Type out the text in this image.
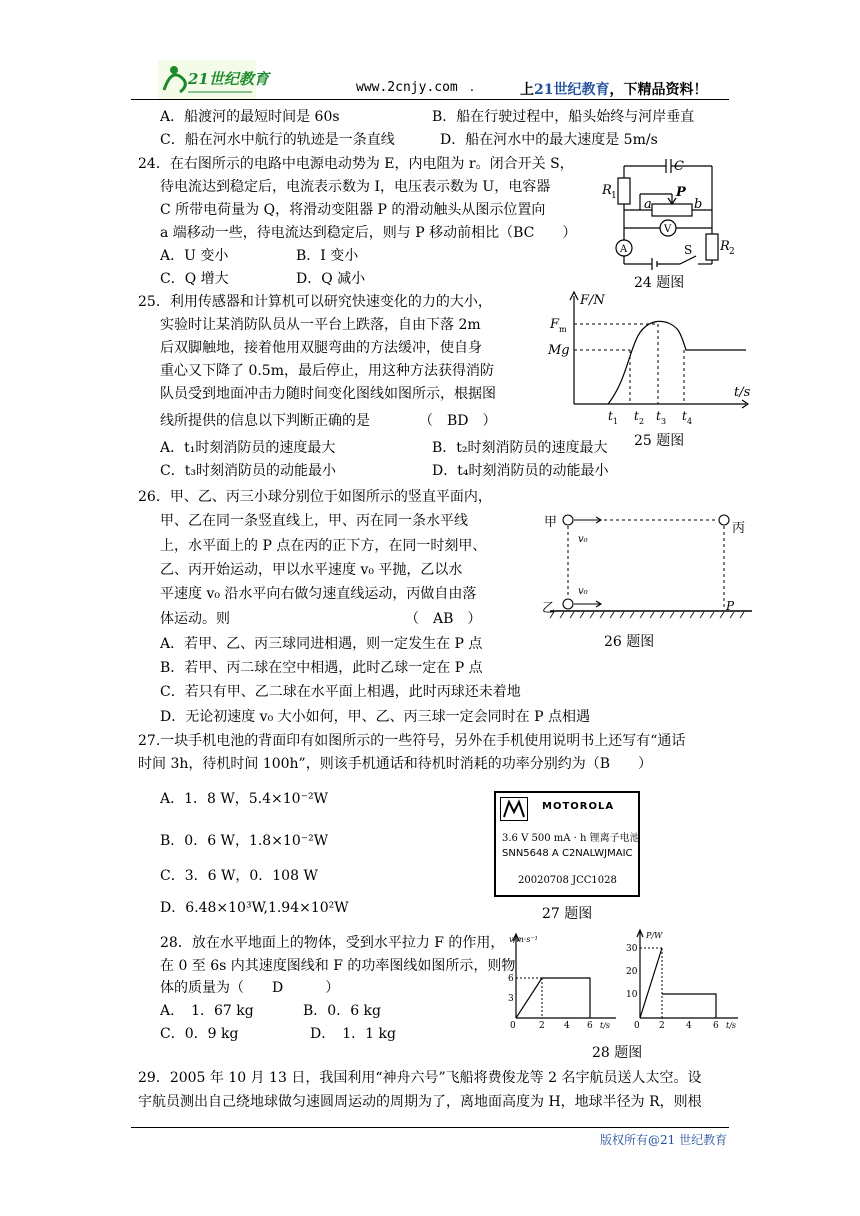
21世纪教育	www.2cnjy.com .	上21世纪教育，下精品资料！
A．船渡河的最短时间是 60s	B．船在行驶过程中，船头始终与河岸垂直
C．船在河水中航行的轨迹是一条直线	D．船在河水中的最大速度是 5m/s
24．在右图所示的电路中电源电动势为 E，内电阻为 r。闭合开关 S，
待电流达到稳定后，电流表示数为 I，电压表示数为 U，电容器
C 所带电荷量为 Q，将滑动变阻器 P 的滑动触头从图示位置向
a 端移动一些，待电流达到稳定后，则与 P 移动前相比（BC　　）
A．U 变小	B．I 变小
C．Q 增大	D．Q 减小
C
R 1	P
a	b
V
A	S R 2
24 题图
25．利用传感器和计算机可以研究快速变化的力的大小，
实验时让某消防队员从一平台上跌落，自由下落 2m
后双脚触地，接着他用双腿弯曲的方法缓冲，使自身
重心又下降了 0.5m，最后停止，用这种方法获得消防
队员受到地面冲击力随时间变化图线如图所示，根据图
线所提供的信息以下判断正确的是　　　　（　BD　）
A．t₁时刻消防员的速度最大	B．t₂时刻消防员的速度最大
C．t₃时刻消防员的动能最小	D．t₄时刻消防员的动能最小
F/N
t/s
F m
Mg
t 1 t 2 t 3 t 4
25 题图
26．甲、乙、丙三小球分别位于如图所示的竖直平面内，
甲、乙在同一条竖直线上，甲、丙在同一条水平线
上，水平面上的 P 点在丙的正下方，在同一时刻甲、
乙、丙开始运动，甲以水平速度 v₀ 平抛，乙以水
平速度 v₀ 沿水平向右做匀速直线运动，丙做自由落
体运动。则　　　　　　　　　　　　　（　AB　）
A．若甲、乙、丙三球同进相遇，则一定发生在 P 点
B．若甲、丙二球在空中相遇，此时乙球一定在 P 点
C．若只有甲、乙二球在水平面上相遇，此时丙球还未着地
D．无论初速度 v₀ 大小如何，甲、乙、丙三球一定会同时在 P 点相遇
甲	丙
乙	P
v₀
v₀
26 题图
27.一块手机电池的背面印有如图所示的一些符号，另外在手机使用说明书上还写有“通话
时间 3h，待机时间 100h”，则该手机通话和待机时消耗的功率分别约为（B　　）
A．1．8 W，5.4×10⁻²W
B．0．6 W，1.8×10⁻²W
C．3．6 W，0．108 W
D．6.48×10³W,1.94×10²W
MOTOROLA
3.6 V 500 mA · h 锂离子电池
SNN5648 A C2NALWJMAIC
20020708 JCC1028
27 题图
28．放在水平地面上的物体，受到水平拉力 F 的作用，
在 0 至 6s 内其速度图线和 F 的功率图线如图所示，则物
体的质量为（　　D　　　）
A．　1．67 kg	B．0．6 kg
C．0．9 kg	D．　1．1 kg
v/m·s⁻¹
6
3
0	2 4 6 t/s
P/W
30
20
10
0 2 4 6 t/s
28 题图
29．2005 年 10 月 13 日，我国利用“神舟六号”飞船将费俊龙等 2 名宇航员送人太空。设
宇航员测出自己绕地球做匀速圆周运动的周期为了，离地面高度为 H，地球半径为 R，则根
版权所有@21 世纪教育
